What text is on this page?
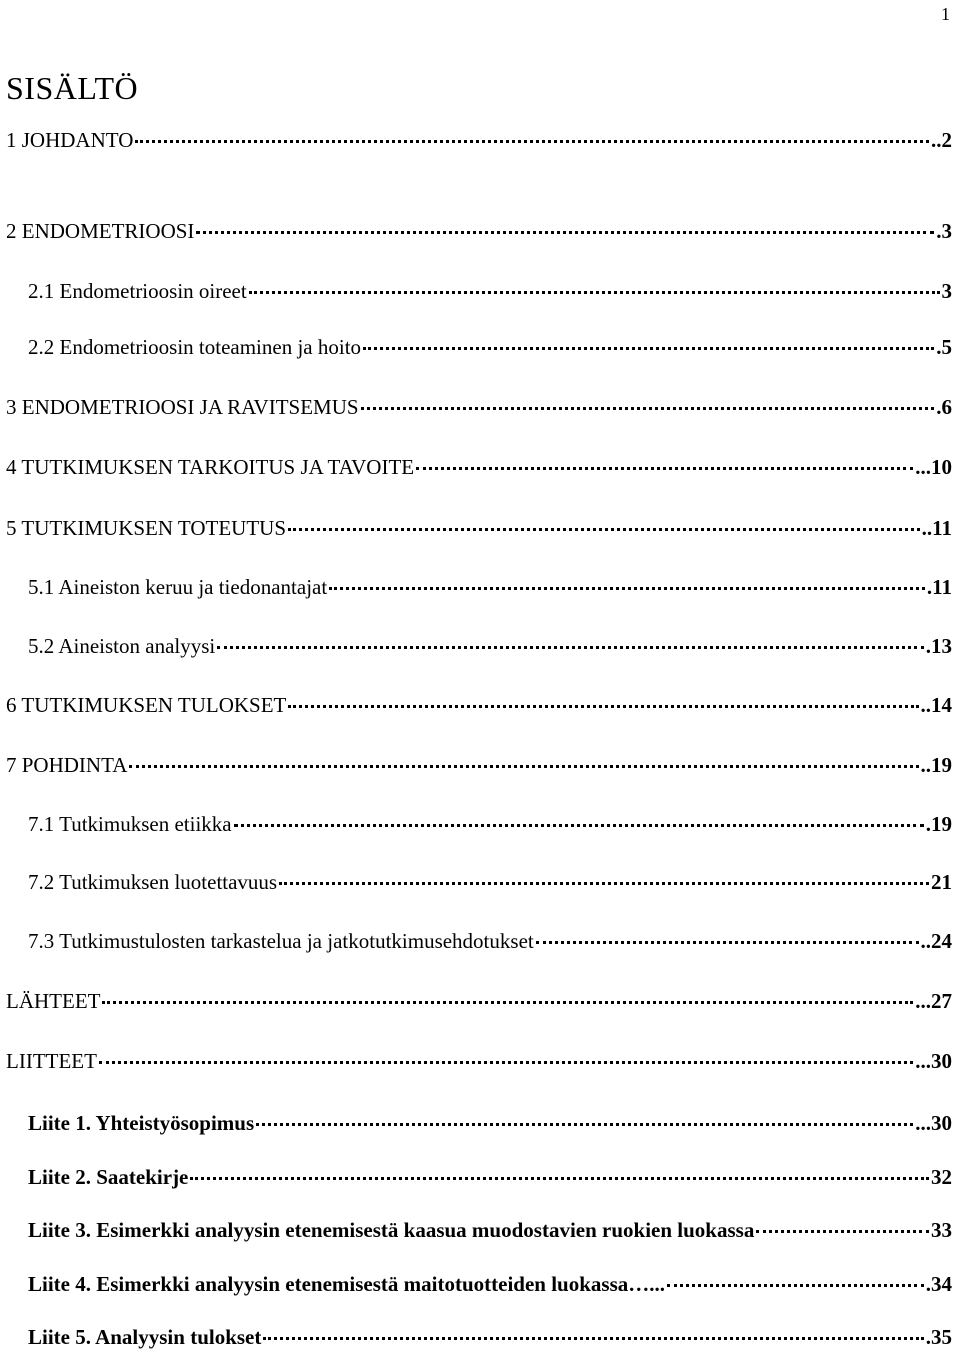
1
SISÄLTÖ
1 JOHDANTO	..2
2 ENDOMETRIOOSI	.3
2.1 Endometrioosin oireet	3
2.2 Endometrioosin toteaminen ja hoito	.5
3 ENDOMETRIOOSI JA RAVITSEMUS	.6
4 TUTKIMUKSEN TARKOITUS JA TAVOITE	...10
5 TUTKIMUKSEN TOTEUTUS	..11
5.1 Aineiston keruu ja tiedonantajat	.11
5.2 Aineiston analyysi	.13
6 TUTKIMUKSEN TULOKSET	..14
7 POHDINTA	..19
7.1 Tutkimuksen etiikka	.19
7.2 Tutkimuksen luotettavuus	21
7.3 Tutkimustulosten tarkastelua ja jatkotutkimusehdotukset	..24
LÄHTEET	...27
LIITTEET	...30
Liite 1. Yhteistyösopimus	...30
Liite 2. Saatekirje	32
Liite 3. Esimerkki analyysin etenemisestä kaasua muodostavien ruokien luokassa	33
Liite 4. Esimerkki analyysin etenemisestä maitotuotteiden luokassa…...	.34
Liite 5. Analyysin tulokset	.35
